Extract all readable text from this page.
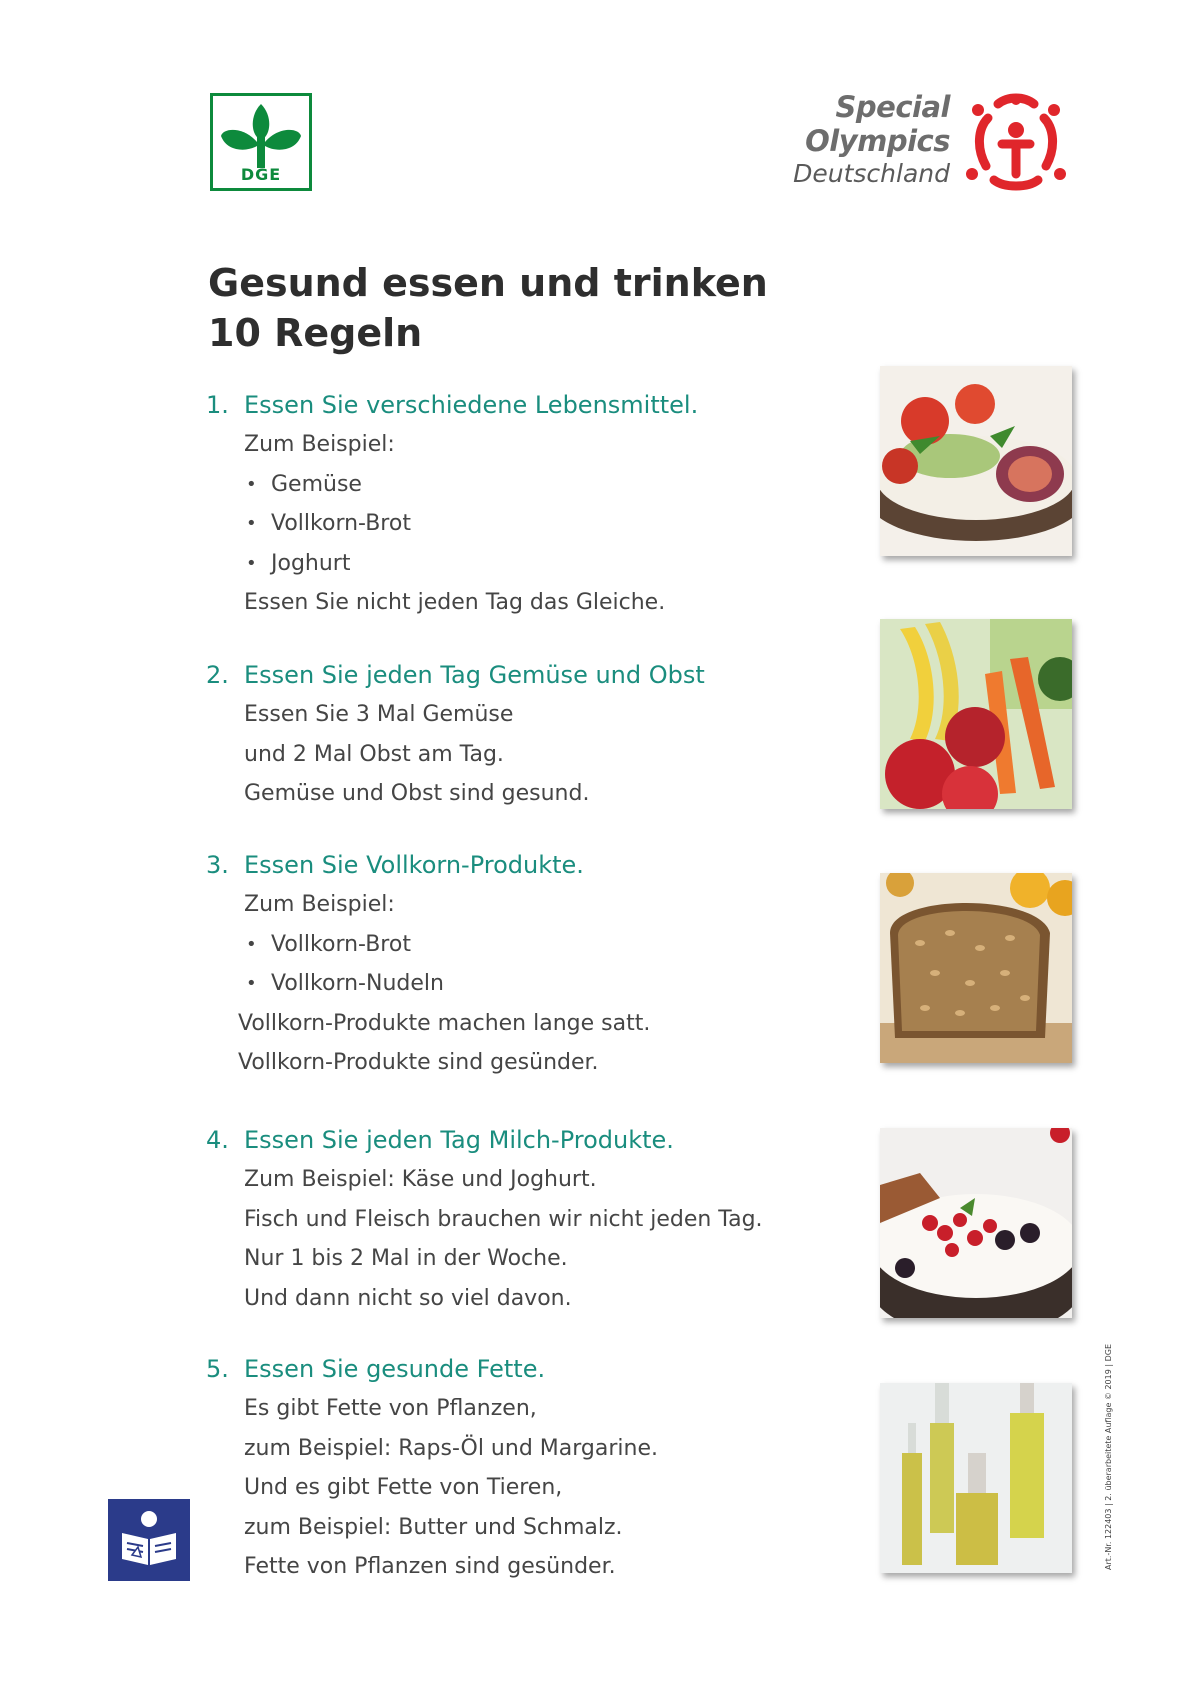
DGE
Special
Olympics
Deutschland
Gesund essen und trinken
10 Regeln
1. Essen Sie verschiedene Lebensmittel.

Zum Beispiel:

• Gemüse
• Vollkorn-Brot
• Joghurt

Essen Sie nicht jeden Tag das Gleiche.

2. Essen Sie jeden Tag Gemüse und Obst

Essen Sie 3 Mal Gemüse

und 2 Mal Obst am Tag.

Gemüse und Obst sind gesund.

3. Essen Sie Vollkorn-Produkte.

Zum Beispiel:

• Vollkorn-Brot
• Vollkorn-Nudeln

Vollkorn-Produkte machen lange satt.

Vollkorn-Produkte sind gesünder.

4. Essen Sie jeden Tag Milch-Produkte.

Zum Beispiel: Käse und Joghurt.

Fisch und Fleisch brauchen wir nicht jeden Tag.

Nur 1 bis 2 Mal in der Woche.

Und dann nicht so viel davon.

5. Essen Sie gesunde Fette.

Es gibt Fette von Pflanzen,

zum Beispiel: Raps-Öl und Margarine.

Und es gibt Fette von Tieren,

zum Beispiel: Butter und Schmalz.

Fette von Pflanzen sind gesünder.	Art.-Nr. 122403 | 2. überarbeitete Auflage © 2019 | DGE
